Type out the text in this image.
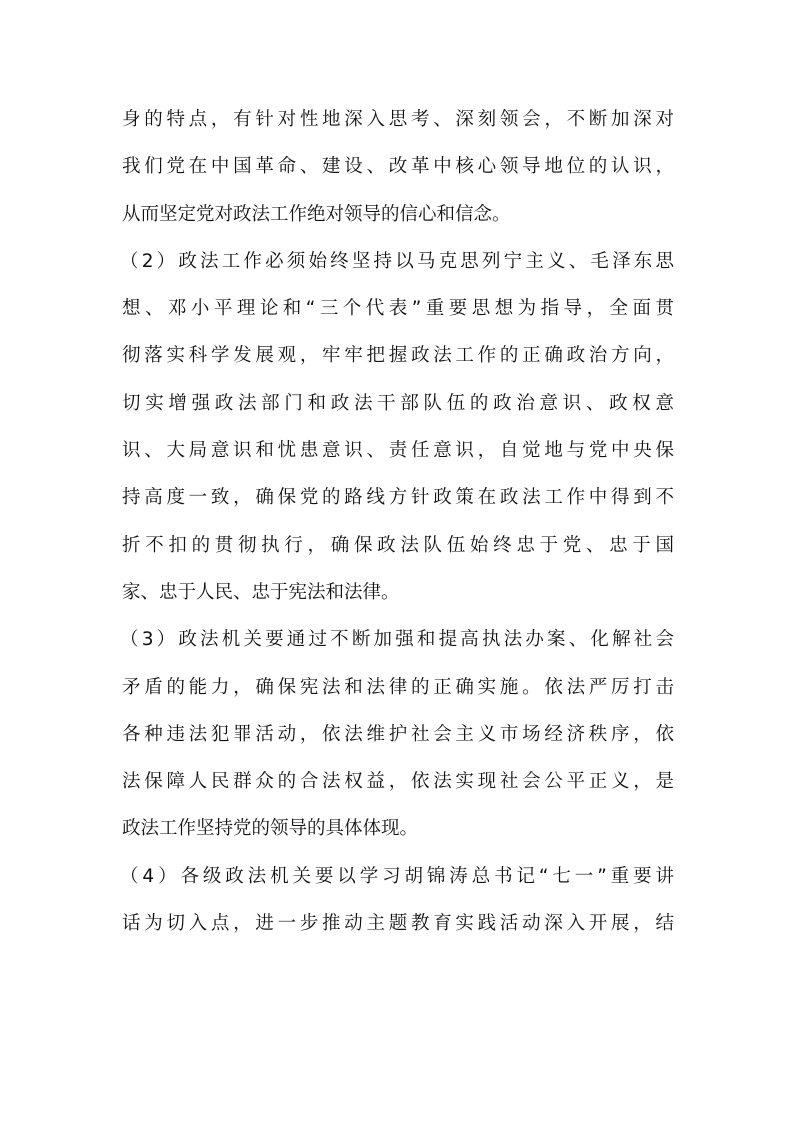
身的特点，有针对性地深入思考、深刻领会，不断加深对
我们党在中国革命、建设、改革中核心领导地位的认识，
从而坚定党对政法工作绝对领导的信心和信念。
（2）政法工作必须始终坚持以马克思列宁主义、毛泽东思
想、邓小平理论和“三个代表”重要思想为指导，全面贯
彻落实科学发展观，牢牢把握政法工作的正确政治方向，
切实增强政法部门和政法干部队伍的政治意识、政权意
识、大局意识和忧患意识、责任意识，自觉地与党中央保
持高度一致，确保党的路线方针政策在政法工作中得到不
折不扣的贯彻执行，确保政法队伍始终忠于党、忠于国
家、忠于人民、忠于宪法和法律。
（3）政法机关要通过不断加强和提高执法办案、化解社会
矛盾的能力，确保宪法和法律的正确实施。依法严厉打击
各种违法犯罪活动，依法维护社会主义市场经济秩序，依
法保障人民群众的合法权益，依法实现社会公平正义，是
政法工作坚持党的领导的具体体现。
（4）各级政法机关要以学习胡锦涛总书记“七一”重要讲
话为切入点，进一步推动主题教育实践活动深入开展，结
